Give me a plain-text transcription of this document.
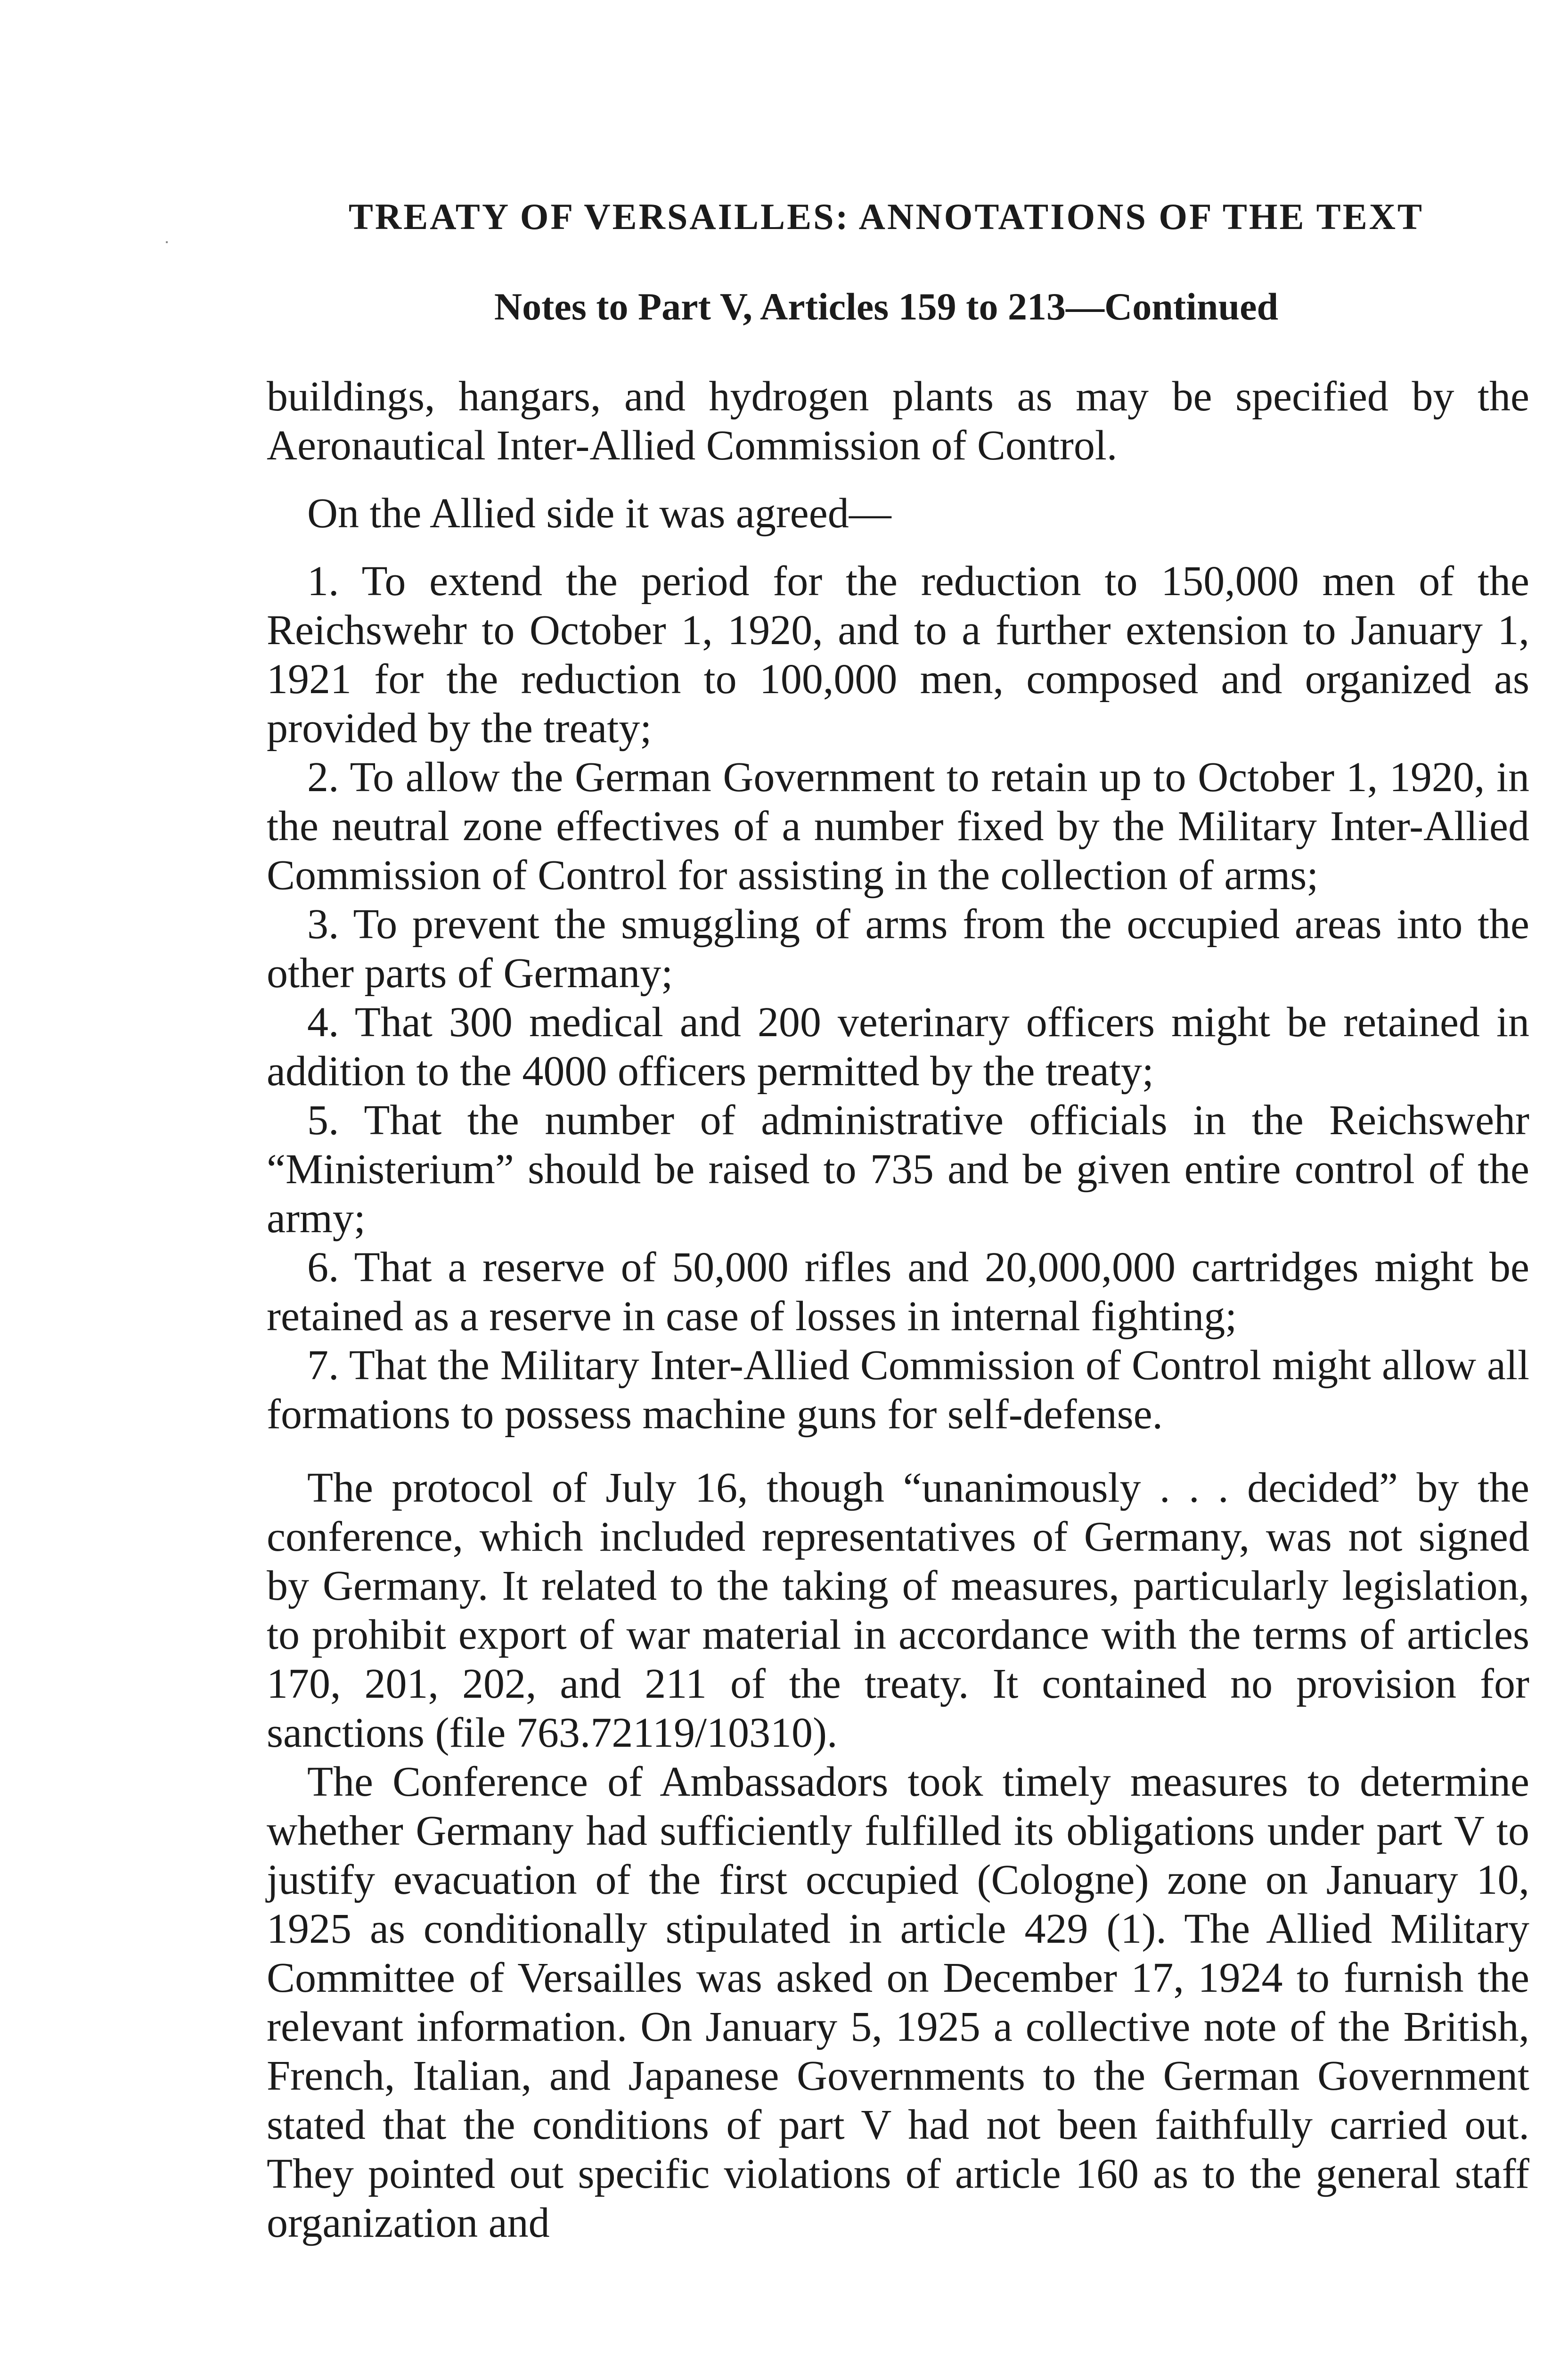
TREATY OF VERSAILLES: ANNOTATIONS OF THE TEXT
Notes to Part V, Articles 159 to 213—Continued

buildings, hangars, and hydrogen plants as may be specified by the Aeronautical Inter-Allied Commission of Control.

On the Allied side it was agreed—

1. To extend the period for the reduction to 150,000 men of the Reichswehr to October 1, 1920, and to a further extension to January 1, 1921 for the reduction to 100,000 men, composed and organized as provided by the treaty;

2. To allow the German Government to retain up to October 1, 1920, in the neutral zone effectives of a number fixed by the Military Inter-Allied Commission of Control for assisting in the collection of arms;

3. To prevent the smuggling of arms from the occupied areas into the other parts of Germany;

4. That 300 medical and 200 veterinary officers might be retained in addition to the 4000 officers permitted by the treaty;

5. That the number of administrative officials in the Reichswehr “Ministerium” should be raised to 735 and be given entire control of the army;

6. That a reserve of 50,000 rifles and 20,000,000 cartridges might be retained as a reserve in case of losses in internal fighting;

7. That the Military Inter-Allied Commission of Control might allow all formations to possess machine guns for self-defense.

The protocol of July 16, though “unanimously . . . decided” by the conference, which included representatives of Germany, was not signed by Germany. It related to the taking of measures, particularly legislation, to prohibit export of war material in accordance with the terms of articles 170, 201, 202, and 211 of the treaty. It contained no provision for sanctions (file 763.72119/10310).

The Conference of Ambassadors took timely measures to determine whether Germany had sufficiently fulfilled its obligations under part V to justify evacuation of the first occupied (Cologne) zone on January 10, 1925 as conditionally stipulated in article 429 (1). The Allied Military Committee of Versailles was asked on December 17, 1924 to furnish the relevant information. On January 5, 1925 a collective note of the British, French, Italian, and Japanese Governments to the German Government stated that the conditions of part V had not been faithfully carried out. They pointed out specific violations of article 160 as to the general staff organization and
